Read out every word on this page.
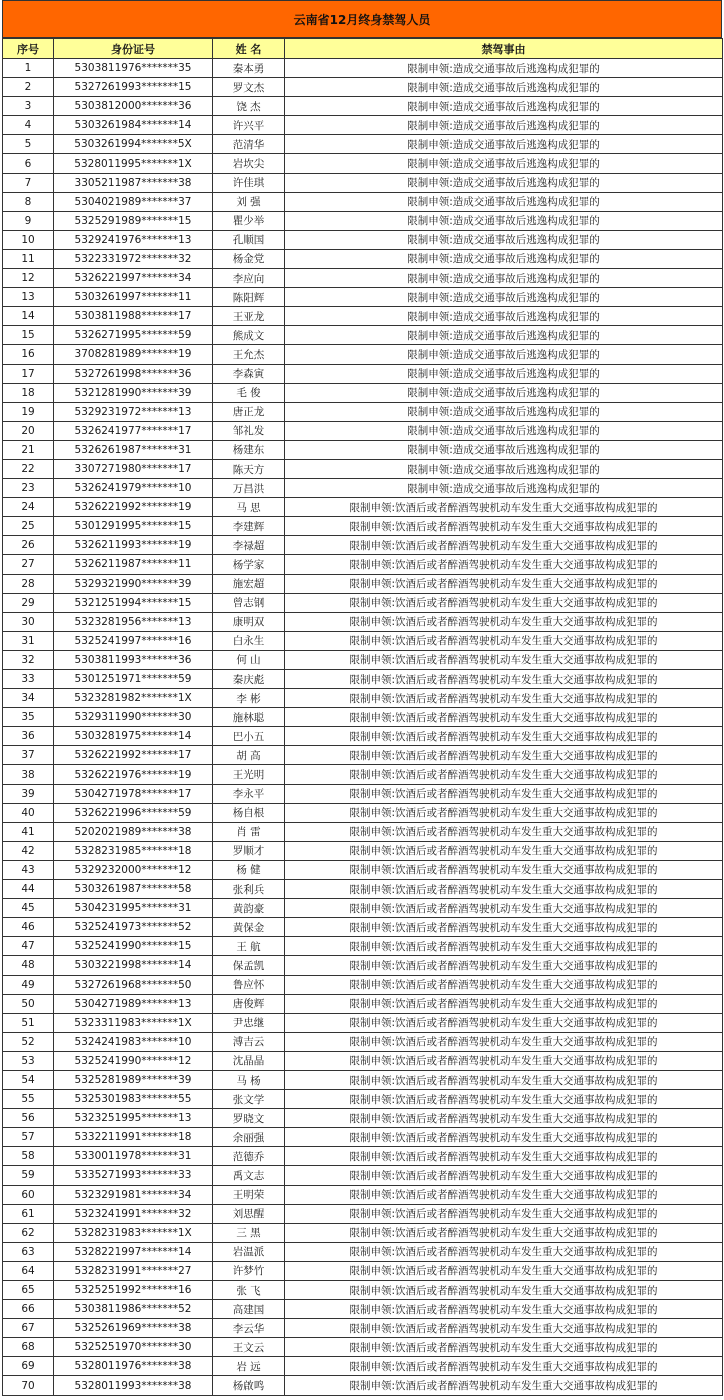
云南省12月终身禁驾人员
序号	身份证号	姓 名	禁驾事由
1	5303811976*******35	秦本勇	限制申领:造成交通事故后逃逸构成犯罪的
2	5327261993*******15	罗文杰	限制申领:造成交通事故后逃逸构成犯罪的
3	5303812000*******36	饶 杰	限制申领:造成交通事故后逃逸构成犯罪的
4	5303261984*******14	许兴平	限制申领:造成交通事故后逃逸构成犯罪的
5	5303261994*******5X	范清华	限制申领:造成交通事故后逃逸构成犯罪的
6	5328011995*******1X	岩坎尖	限制申领:造成交通事故后逃逸构成犯罪的
7	3305211987*******38	许佳琪	限制申领:造成交通事故后逃逸构成犯罪的
8	5304021989*******37	刘 强	限制申领:造成交通事故后逃逸构成犯罪的
9	5325291989*******15	瞿少举	限制申领:造成交通事故后逃逸构成犯罪的
10	5329241976*******13	孔顺国	限制申领:造成交通事故后逃逸构成犯罪的
11	5322331972*******32	杨金党	限制申领:造成交通事故后逃逸构成犯罪的
12	5326221997*******34	李应向	限制申领:造成交通事故后逃逸构成犯罪的
13	5303261997*******11	陈阳辉	限制申领:造成交通事故后逃逸构成犯罪的
14	5303811988*******17	王亚龙	限制申领:造成交通事故后逃逸构成犯罪的
15	5326271995*******59	熊成文	限制申领:造成交通事故后逃逸构成犯罪的
16	3708281989*******19	王允杰	限制申领:造成交通事故后逃逸构成犯罪的
17	5327261998*******36	李森寅	限制申领:造成交通事故后逃逸构成犯罪的
18	5321281990*******39	毛 俊	限制申领:造成交通事故后逃逸构成犯罪的
19	5329231972*******13	唐正龙	限制申领:造成交通事故后逃逸构成犯罪的
20	5326241977*******17	邹礼发	限制申领:造成交通事故后逃逸构成犯罪的
21	5326261987*******31	杨建东	限制申领:造成交通事故后逃逸构成犯罪的
22	3307271980*******17	陈天方	限制申领:造成交通事故后逃逸构成犯罪的
23	5326241979*******10	万昌洪	限制申领:造成交通事故后逃逸构成犯罪的
24	5326221992*******19	马 思	限制申领:饮酒后或者醉酒驾驶机动车发生重大交通事故构成犯罪的
25	5301291995*******15	李建辉	限制申领:饮酒后或者醉酒驾驶机动车发生重大交通事故构成犯罪的
26	5326211993*******19	李禄超	限制申领:饮酒后或者醉酒驾驶机动车发生重大交通事故构成犯罪的
27	5326211987*******11	杨学家	限制申领:饮酒后或者醉酒驾驶机动车发生重大交通事故构成犯罪的
28	5329321990*******39	施宏超	限制申领:饮酒后或者醉酒驾驶机动车发生重大交通事故构成犯罪的
29	5321251994*******15	曾志钢	限制申领:饮酒后或者醉酒驾驶机动车发生重大交通事故构成犯罪的
30	5323281956*******13	康明双	限制申领:饮酒后或者醉酒驾驶机动车发生重大交通事故构成犯罪的
31	5325241997*******16	白永生	限制申领:饮酒后或者醉酒驾驶机动车发生重大交通事故构成犯罪的
32	5303811993*******36	何 山	限制申领:饮酒后或者醉酒驾驶机动车发生重大交通事故构成犯罪的
33	5301251971*******59	秦庆彪	限制申领:饮酒后或者醉酒驾驶机动车发生重大交通事故构成犯罪的
34	5323281982*******1X	李 彬	限制申领:饮酒后或者醉酒驾驶机动车发生重大交通事故构成犯罪的
35	5329311990*******30	施林聪	限制申领:饮酒后或者醉酒驾驶机动车发生重大交通事故构成犯罪的
36	5303281975*******14	巴小五	限制申领:饮酒后或者醉酒驾驶机动车发生重大交通事故构成犯罪的
37	5326221992*******17	胡 高	限制申领:饮酒后或者醉酒驾驶机动车发生重大交通事故构成犯罪的
38	5326221976*******19	王光明	限制申领:饮酒后或者醉酒驾驶机动车发生重大交通事故构成犯罪的
39	5304271978*******17	李永平	限制申领:饮酒后或者醉酒驾驶机动车发生重大交通事故构成犯罪的
40	5326221996*******59	杨自根	限制申领:饮酒后或者醉酒驾驶机动车发生重大交通事故构成犯罪的
41	5202021989*******38	肖 雷	限制申领:饮酒后或者醉酒驾驶机动车发生重大交通事故构成犯罪的
42	5328231985*******18	罗顺才	限制申领:饮酒后或者醉酒驾驶机动车发生重大交通事故构成犯罪的
43	5329232000*******12	杨 健	限制申领:饮酒后或者醉酒驾驶机动车发生重大交通事故构成犯罪的
44	5303261987*******58	张利兵	限制申领:饮酒后或者醉酒驾驶机动车发生重大交通事故构成犯罪的
45	5304231995*******31	黄韵豪	限制申领:饮酒后或者醉酒驾驶机动车发生重大交通事故构成犯罪的
46	5325241973*******52	黄保金	限制申领:饮酒后或者醉酒驾驶机动车发生重大交通事故构成犯罪的
47	5325241990*******15	王 航	限制申领:饮酒后或者醉酒驾驶机动车发生重大交通事故构成犯罪的
48	5303221998*******14	保孟凯	限制申领:饮酒后或者醉酒驾驶机动车发生重大交通事故构成犯罪的
49	5327261968*******50	鲁应怀	限制申领:饮酒后或者醉酒驾驶机动车发生重大交通事故构成犯罪的
50	5304271989*******13	唐俊辉	限制申领:饮酒后或者醉酒驾驶机动车发生重大交通事故构成犯罪的
51	5323311983*******1X	尹忠继	限制申领:饮酒后或者醉酒驾驶机动车发生重大交通事故构成犯罪的
52	5324241983*******10	溥吉云	限制申领:饮酒后或者醉酒驾驶机动车发生重大交通事故构成犯罪的
53	5325241990*******12	沈晶晶	限制申领:饮酒后或者醉酒驾驶机动车发生重大交通事故构成犯罪的
54	5325281989*******39	马 杨	限制申领:饮酒后或者醉酒驾驶机动车发生重大交通事故构成犯罪的
55	5325301983*******55	张文学	限制申领:饮酒后或者醉酒驾驶机动车发生重大交通事故构成犯罪的
56	5323251995*******13	罗晓文	限制申领:饮酒后或者醉酒驾驶机动车发生重大交通事故构成犯罪的
57	5332211991*******18	余丽强	限制申领:饮酒后或者醉酒驾驶机动车发生重大交通事故构成犯罪的
58	5330011978*******31	范德乔	限制申领:饮酒后或者醉酒驾驶机动车发生重大交通事故构成犯罪的
59	5335271993*******33	禹文志	限制申领:饮酒后或者醉酒驾驶机动车发生重大交通事故构成犯罪的
60	5323291981*******34	王明荣	限制申领:饮酒后或者醉酒驾驶机动车发生重大交通事故构成犯罪的
61	5323241991*******32	刘思醒	限制申领:饮酒后或者醉酒驾驶机动车发生重大交通事故构成犯罪的
62	5328231983*******1X	三 黑	限制申领:饮酒后或者醉酒驾驶机动车发生重大交通事故构成犯罪的
63	5328221997*******14	岩温派	限制申领:饮酒后或者醉酒驾驶机动车发生重大交通事故构成犯罪的
64	5328231991*******27	许梦竹	限制申领:饮酒后或者醉酒驾驶机动车发生重大交通事故构成犯罪的
65	5325251992*******16	张 飞	限制申领:饮酒后或者醉酒驾驶机动车发生重大交通事故构成犯罪的
66	5303811986*******52	高建国	限制申领:饮酒后或者醉酒驾驶机动车发生重大交通事故构成犯罪的
67	5325261969*******38	李云华	限制申领:饮酒后或者醉酒驾驶机动车发生重大交通事故构成犯罪的
68	5325251970*******30	王文云	限制申领:饮酒后或者醉酒驾驶机动车发生重大交通事故构成犯罪的
69	5328011976*******38	岩 远	限制申领:饮酒后或者醉酒驾驶机动车发生重大交通事故构成犯罪的
70	5328011993*******38	杨啟鸣	限制申领:饮酒后或者醉酒驾驶机动车发生重大交通事故构成犯罪的
